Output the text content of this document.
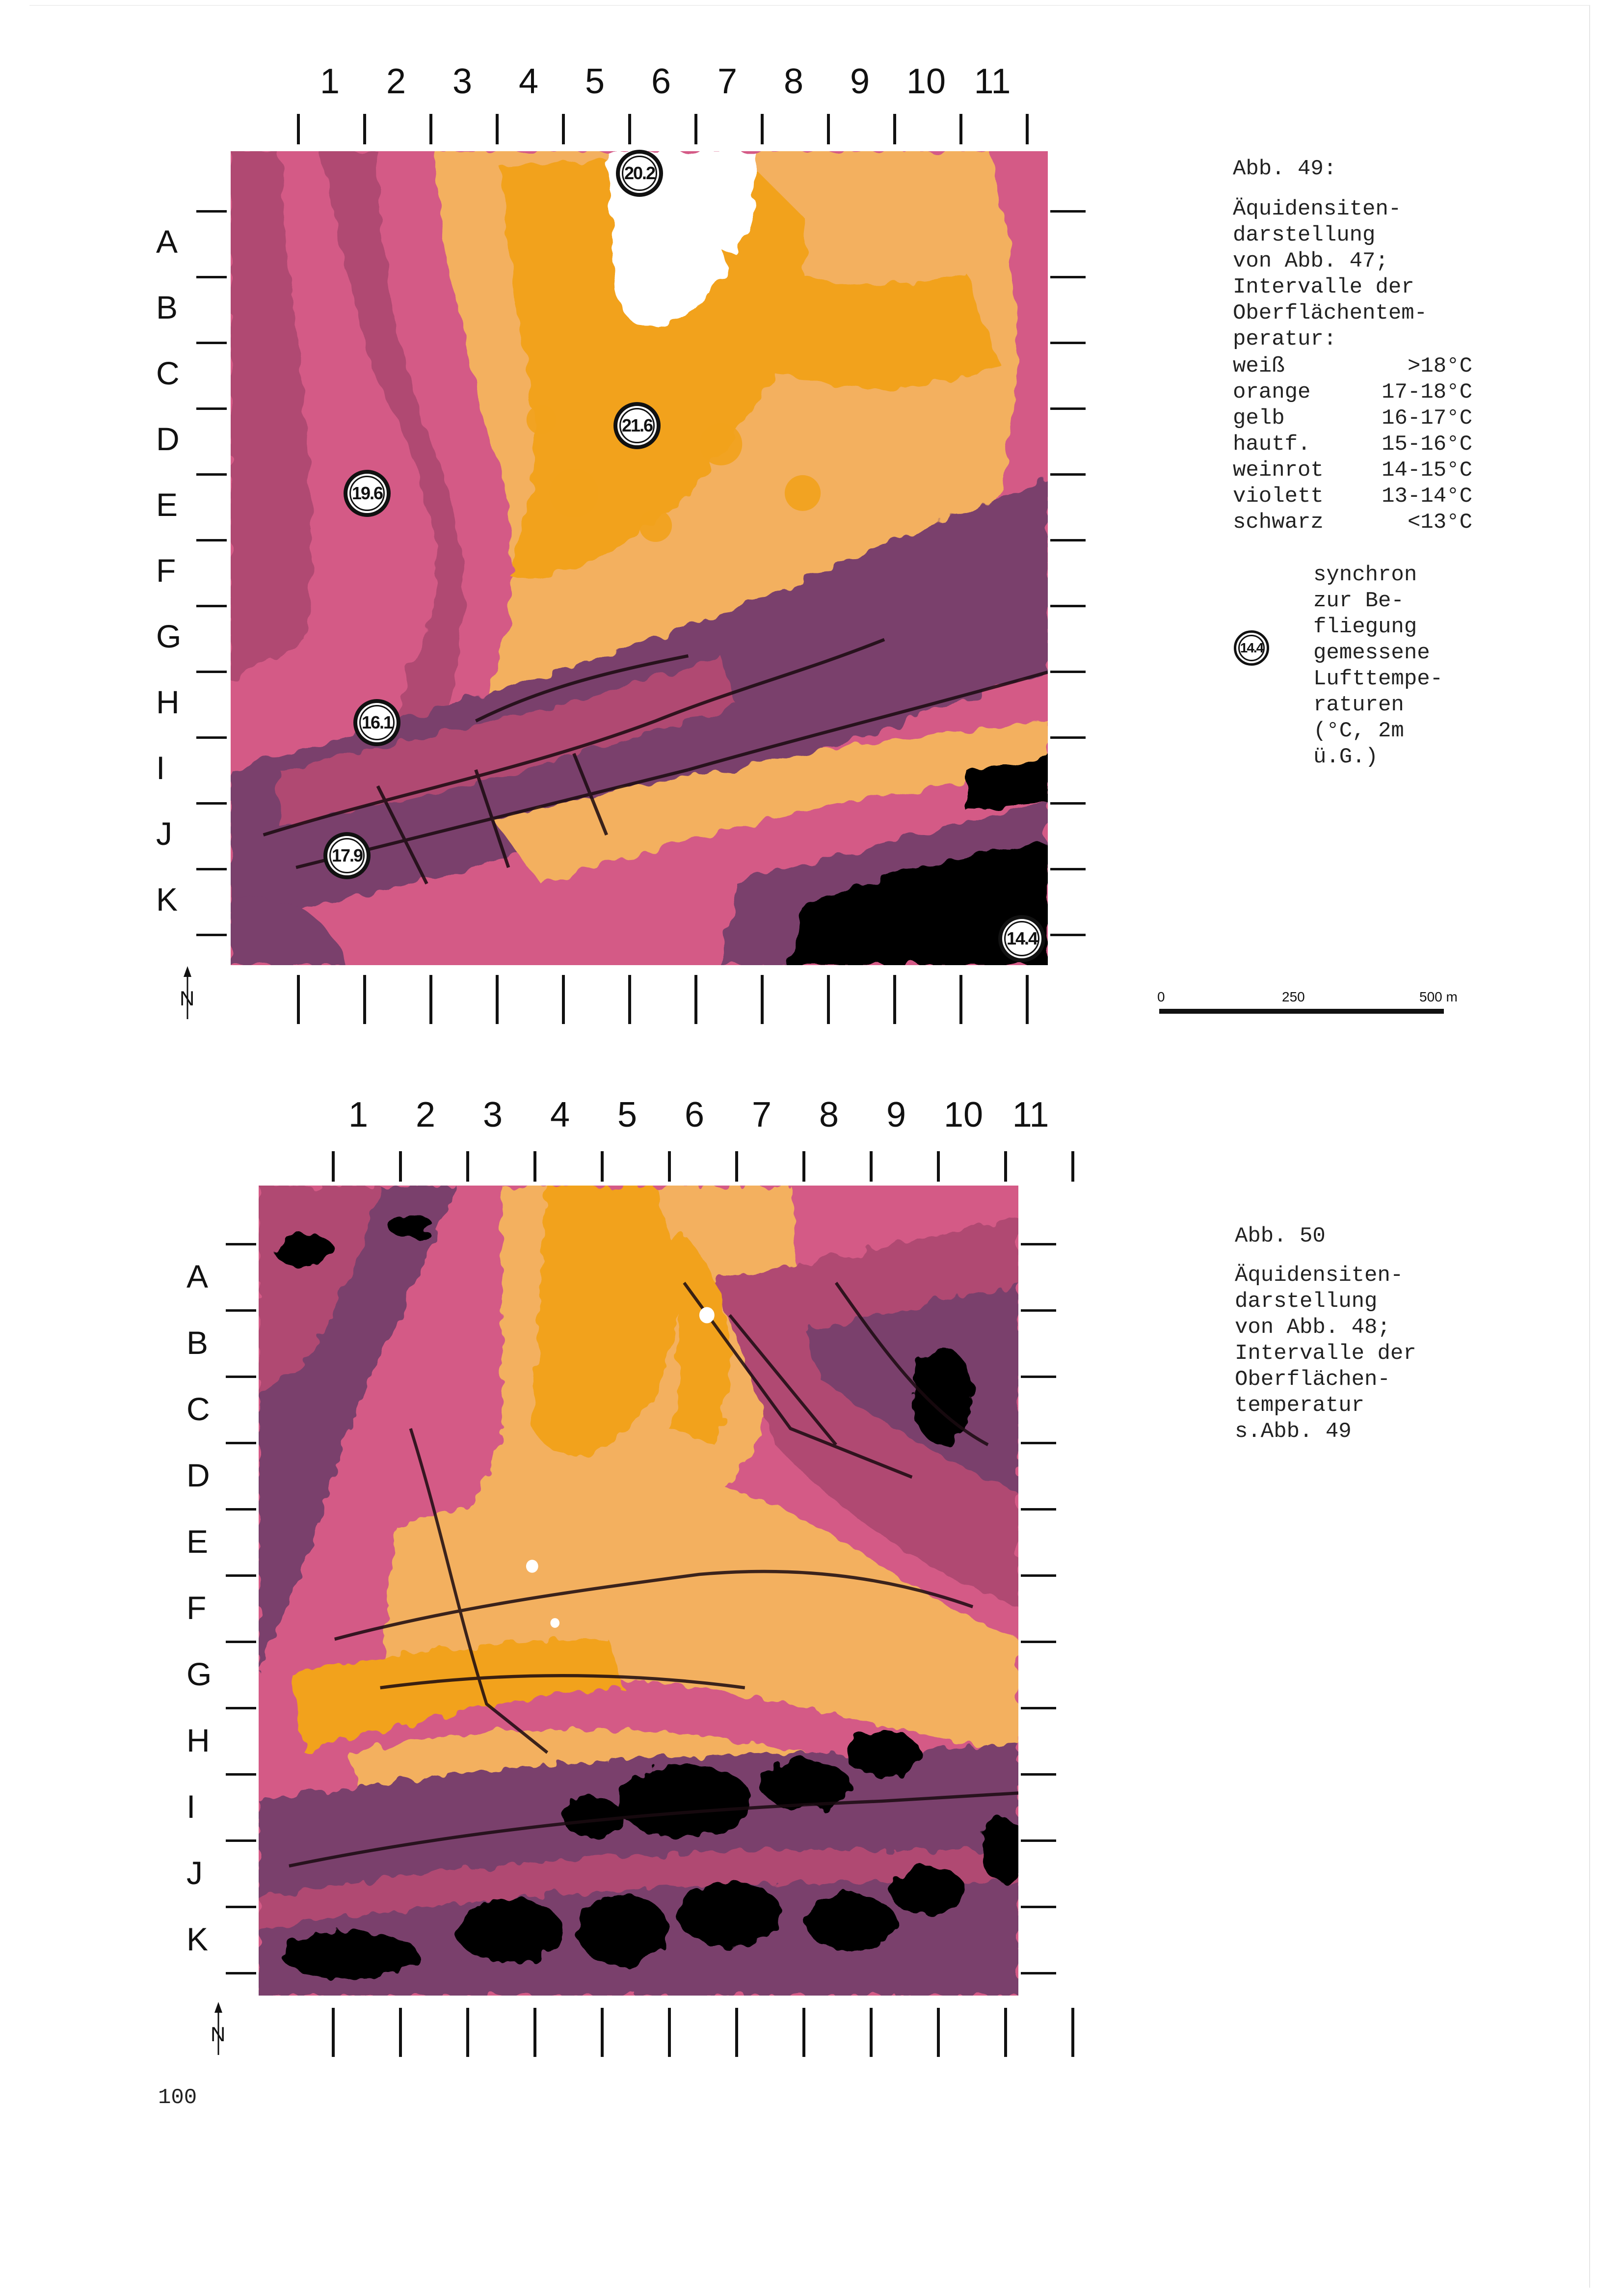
1 2 3 4 5 6 7 8 9 10 11
A
B
C
D
E
F
G
H
I
J
K
20.2
21.6
19.6
16.1
17.9
14.4
N
Abb. 49:
Äquidensiten-
darstellung
von Abb. 47;
Intervalle der
Oberflächentem-
peratur:
weiß	>18°C
orange	17-18°C
gelb	16-17°C
hautf.	15-16°C
weinrot	14-15°C
violett	13-14°C
schwarz	<13°C
14.4
synchron
zur Be-
fliegung
gemessene
Lufttempe-
raturen
(°C, 2m
ü.G.)
0	250	500 m
1 2 3 4 5 6 7 8 9 10 11
A
B
C
D
E
F
G
H
I
J
K
N
Abb. 50
Äquidensiten-
darstellung
von Abb. 48;
Intervalle der
Oberflächen-
temperatur
s.Abb. 49
100
